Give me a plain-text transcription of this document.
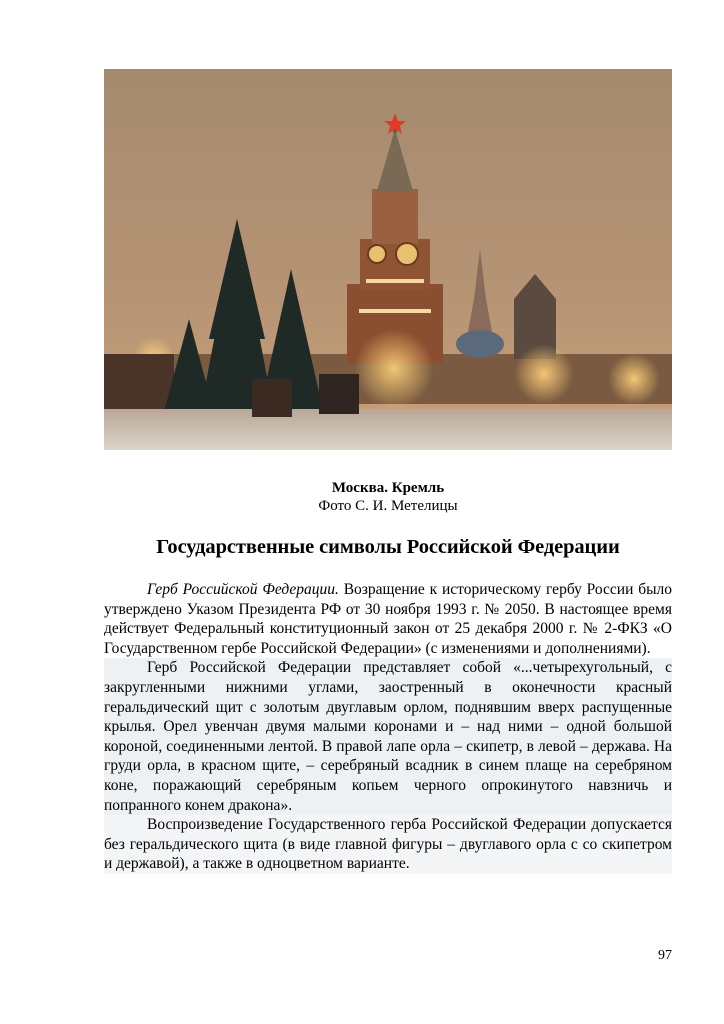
Москва. Кремль
Фото С. И. Метелицы
Государственные символы Российской Федерации

Герб Российской Федерации. Возращение к историческому гербу России было утверждено Указом Президента РФ от 30 ноября 1993 г. № 2050. В настоящее время действует Федеральный конституционный закон от 25 декабря 2000 г. № 2-ФКЗ «О Государственном гербе Российской Федерации» (с изменениями и дополнениями).

Герб Российской Федерации представляет собой «...четырехугольный, с закругленными нижними углами, заостренный в оконечности красный геральдический щит с золотым двуглавым орлом, поднявшим вверх распущенные крылья. Орел увенчан двумя малыми коронами и – над ними – одной большой короной, соединенными лентой. В правой лапе орла – скипетр, в левой – держава. На груди орла, в красном щите, – серебряный всадник в синем плаще на серебряном коне, поражающий серебряным копьем черного опрокинутого навзничь и попранного конем дракона».

Воспроизведение Государственного герба Российской Федерации допускается без геральдического щита (в виде главной фигуры – двуглавого орла с со скипетром и державой), а также в одноцветном варианте.

97
